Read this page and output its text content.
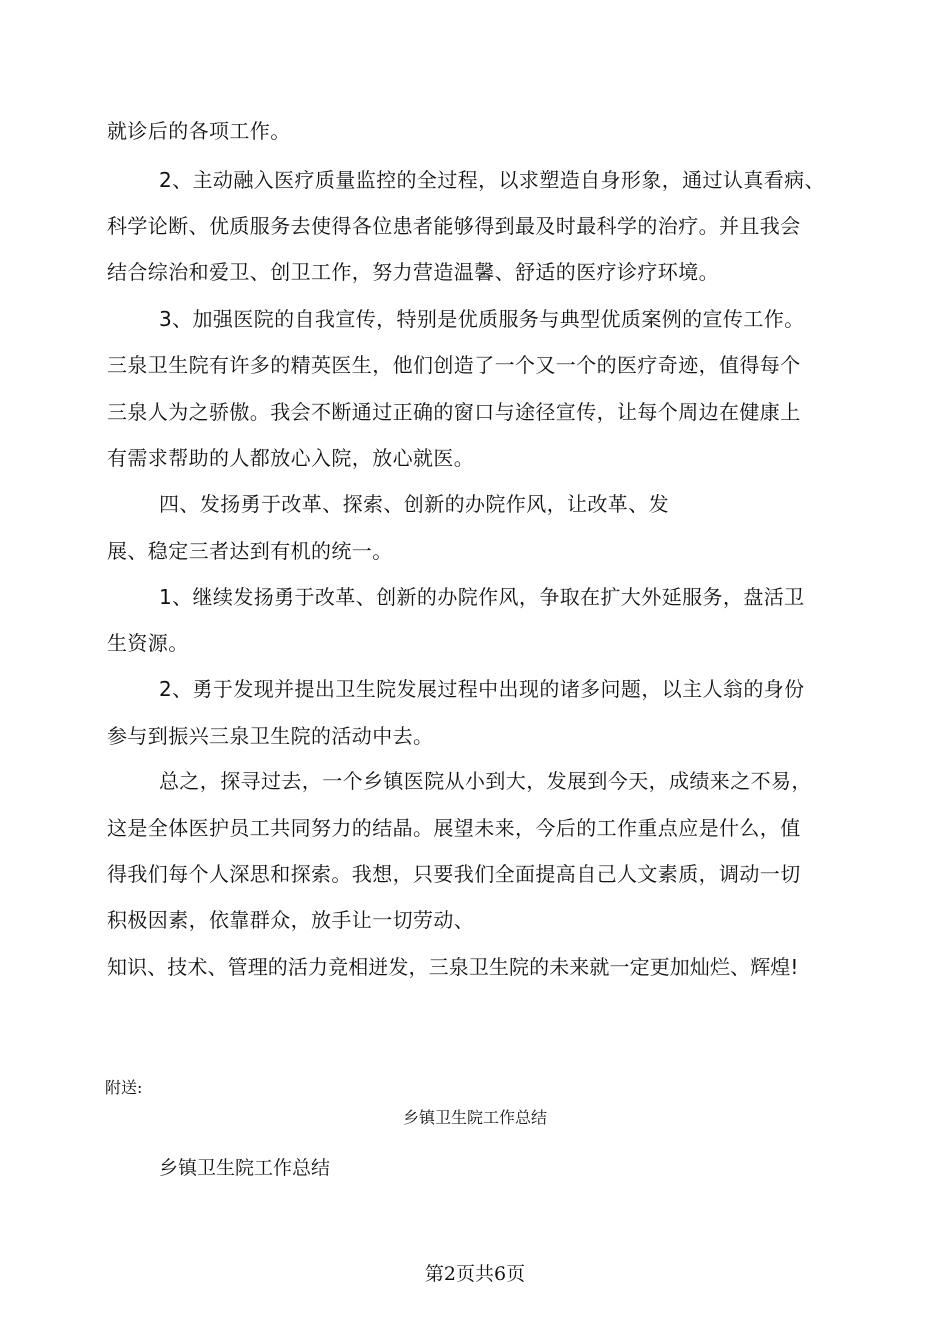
就诊后的各项工作。
2、主动融入医疗质量监控的全过程，以求塑造自身形象，通过认真看病、
科学论断、优质服务去使得各位患者能够得到最及时最科学的治疗。并且我会
结合综治和爱卫、创卫工作，努力营造温馨、舒适的医疗诊疗环境。
3、加强医院的自我宣传，特别是优质服务与典型优质案例的宣传工作。
三泉卫生院有许多的精英医生，他们创造了一个又一个的医疗奇迹，值得每个
三泉人为之骄傲。我会不断通过正确的窗口与途径宣传，让每个周边在健康上
有需求帮助的人都放心入院，放心就医。
四、发扬勇于改革、探索、创新的办院作风，让改革、发
展、稳定三者达到有机的统一。
1、继续发扬勇于改革、创新的办院作风，争取在扩大外延服务，盘活卫
生资源。
2、勇于发现并提出卫生院发展过程中出现的诸多问题，以主人翁的身份
参与到振兴三泉卫生院的活动中去。
总之，探寻过去，一个乡镇医院从小到大，发展到今天，成绩来之不易，
这是全体医护员工共同努力的结晶。展望未来，今后的工作重点应是什么，值
得我们每个人深思和探索。我想，只要我们全面提高自己人文素质，调动一切
积极因素，依靠群众，放手让一切劳动、
知识、技术、管理的活力竞相迸发，三泉卫生院的未来就一定更加灿烂、辉煌!
附送:
乡镇卫生院工作总结
乡镇卫生院工作总结
第2页共6页
